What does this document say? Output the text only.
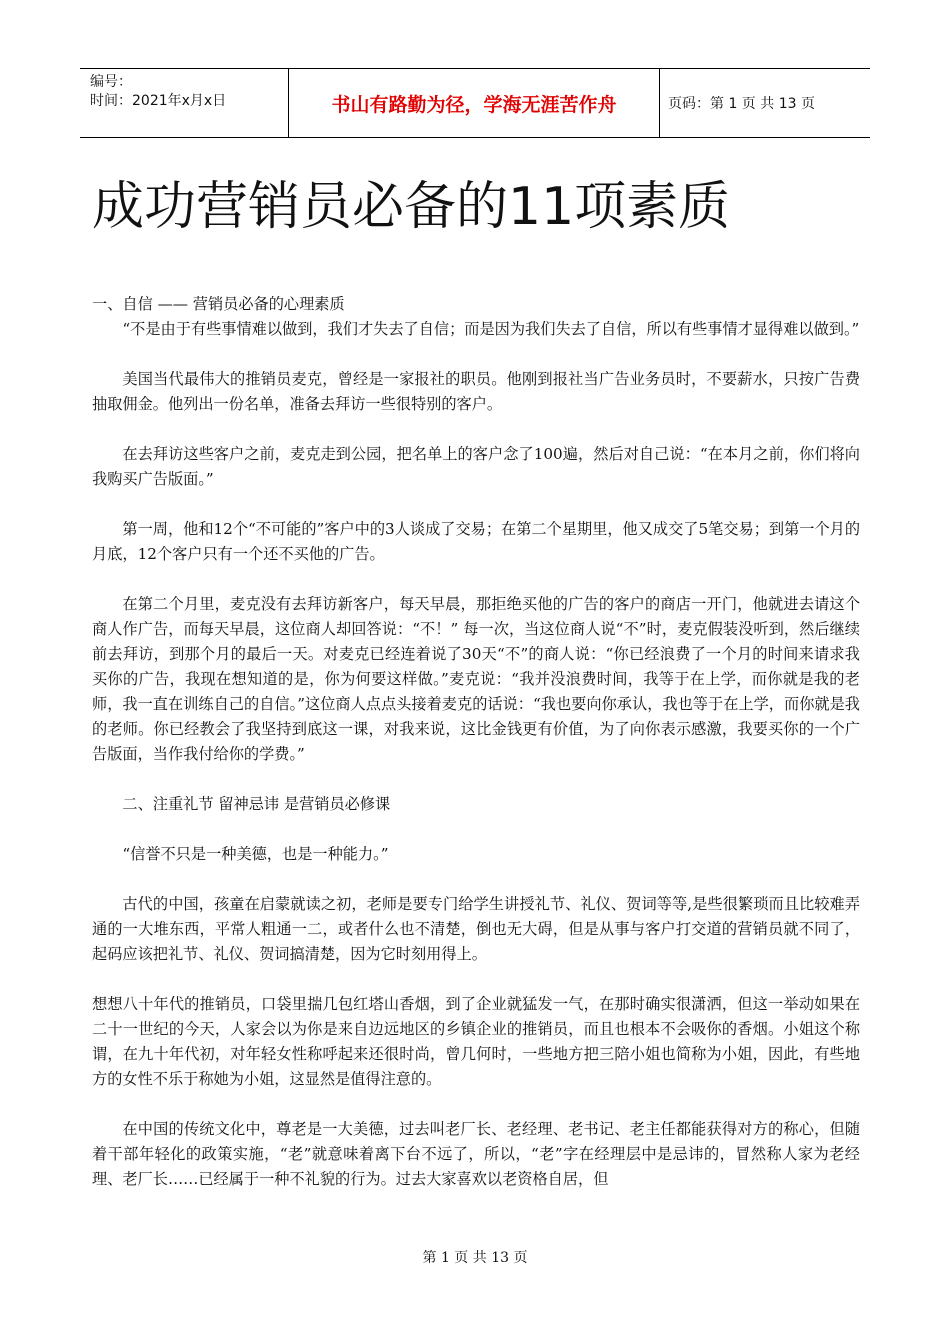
编号：
时间：2021年x月x日	书山有路勤为径，学海无涯苦作舟	页码：第 1 页 共 13 页
成功营销员必备的11项素质

一、自信 —— 营销员必备的心理素质

“不是由于有些事情难以做到，我们才失去了自信；而是因为我们失去了自信，所以有些事情才显得难以做到。”

美国当代最伟大的推销员麦克，曾经是一家报社的职员。他刚到报社当广告业务员时，不要薪水，只按广告费抽取佣金。他列出一份名单，准备去拜访一些很特别的客户。

在去拜访这些客户之前，麦克走到公园，把名单上的客户念了100遍，然后对自己说：“在本月之前，你们将向我购买广告版面。”

第一周，他和12个“不可能的”客户中的3人谈成了交易；在第二个星期里，他又成交了5笔交易；到第一个月的月底，12个客户只有一个还不买他的广告。

在第二个月里，麦克没有去拜访新客户，每天早晨，那拒绝买他的广告的客户的商店一开门，他就进去请这个商人作广告，而每天早晨，这位商人却回答说：“不！” 每一次，当这位商人说“不”时，麦克假装没听到，然后继续前去拜访，到那个月的最后一天。对麦克已经连着说了30天“不”的商人说：“你已经浪费了一个月的时间来请求我买你的广告，我现在想知道的是，你为何要这样做。”麦克说：“我并没浪费时间，我等于在上学，而你就是我的老师，我一直在训练自己的自信。”这位商人点点头接着麦克的话说：“我也要向你承认，我也等于在上学，而你就是我的老师。你已经教会了我坚持到底这一课，对我来说，这比金钱更有价值，为了向你表示感激，我要买你的一个广告版面，当作我付给你的学费。”

二、注重礼节 留神忌讳 是营销员必修课

“信誉不只是一种美德，也是一种能力。”

古代的中国，孩童在启蒙就读之初，老师是要专门给学生讲授礼节、礼仪、贺词等等,是些很繁琐而且比较难弄通的一大堆东西，平常人粗通一二，或者什么也不清楚，倒也无大碍，但是从事与客户打交道的营销员就不同了，起码应该把礼节、礼仪、贺词搞清楚，因为它时刻用得上。

想想八十年代的推销员，口袋里揣几包红塔山香烟，到了企业就猛发一气，在那时确实很潇洒，但这一举动如果在二十一世纪的今天，人家会以为你是来自边远地区的乡镇企业的推销员，而且也根本不会吸你的香烟。小姐这个称谓，在九十年代初，对年轻女性称呼起来还很时尚，曾几何时，一些地方把三陪小姐也简称为小姐，因此，有些地方的女性不乐于称她为小姐，这显然是值得注意的。

在中国的传统文化中，尊老是一大美德，过去叫老厂长、老经理、老书记、老主任都能获得对方的称心，但随着干部年轻化的政策实施，“老”就意味着离下台不远了，所以，“老”字在经理层中是忌讳的，冒然称人家为老经理、老厂长……已经属于一种不礼貌的行为。过去大家喜欢以老资格自居，但

第 1 页 共 13 页
